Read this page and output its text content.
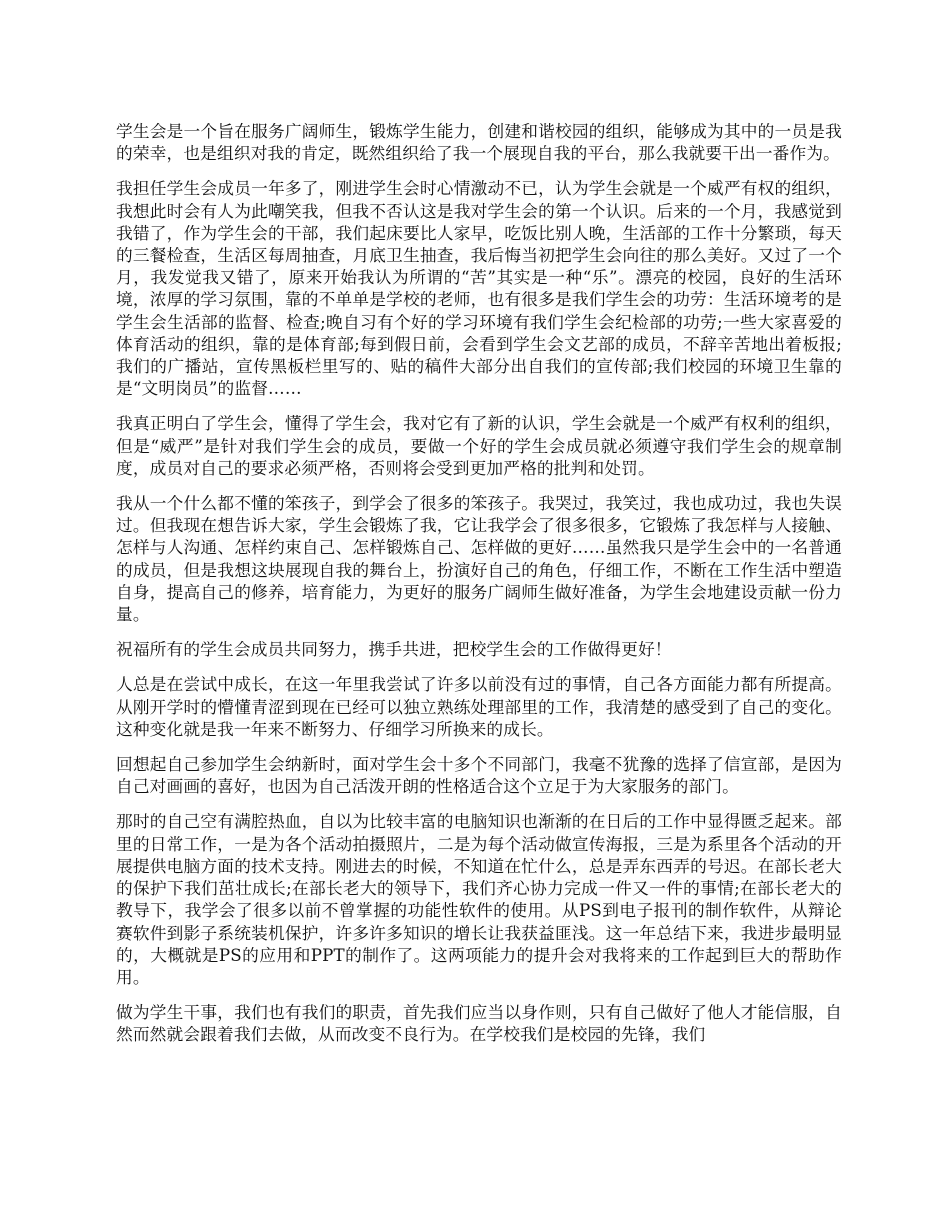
学生会是一个旨在服务广阔师生，锻炼学生能力，创建和谐校园的组织，能够成为其中的一员是我的荣幸，也是组织对我的肯定，既然组织给了我一个展现自我的平台，那么我就要干出一番作为。

我担任学生会成员一年多了，刚进学生会时心情激动不已，认为学生会就是一个威严有权的组织，我想此时会有人为此嘲笑我，但我不否认这是我对学生会的第一个认识。后来的一个月，我感觉到我错了，作为学生会的干部，我们起床要比人家早，吃饭比别人晚，生活部的工作十分繁琐，每天的三餐检查，生活区每周抽查，月底卫生抽查，我后悔当初把学生会向往的那么美好。又过了一个月，我发觉我又错了，原来开始我认为所谓的“苦”其实是一种“乐”。漂亮的校园，良好的生活环境，浓厚的学习氛围，靠的不单单是学校的老师，也有很多是我们学生会的功劳：生活环境考的是学生会生活部的监督、检查;晚自习有个好的学习环境有我们学生会纪检部的功劳;一些大家喜爱的体育活动的组织，靠的是体育部;每到假日前，会看到学生会文艺部的成员，不辞辛苦地出着板报;我们的广播站，宣传黑板栏里写的、贴的稿件大部分出自我们的宣传部;我们校园的环境卫生靠的是“文明岗员”的监督……

我真正明白了学生会，懂得了学生会，我对它有了新的认识，学生会就是一个威严有权利的组织，但是“威严”是针对我们学生会的成员，要做一个好的学生会成员就必须遵守我们学生会的规章制度，成员对自己的要求必须严格，否则将会受到更加严格的批判和处罚。

我从一个什么都不懂的笨孩子，到学会了很多的笨孩子。我哭过，我笑过，我也成功过，我也失误过。但我现在想告诉大家，学生会锻炼了我，它让我学会了很多很多，它锻炼了我怎样与人接触、怎样与人沟通、怎样约束自己、怎样锻炼自己、怎样做的更好……虽然我只是学生会中的一名普通的成员，但是我想这块展现自我的舞台上，扮演好自己的角色，仔细工作，不断在工作生活中塑造自身，提高自己的修养，培育能力，为更好的服务广阔师生做好准备，为学生会地建设贡献一份力量。

祝福所有的学生会成员共同努力，携手共进，把校学生会的工作做得更好！

人总是在尝试中成长，在这一年里我尝试了许多以前没有过的事情，自己各方面能力都有所提高。从刚开学时的懵懂青涩到现在已经可以独立熟练处理部里的工作，我清楚的感受到了自己的变化。这种变化就是我一年来不断努力、仔细学习所换来的成长。

回想起自己参加学生会纳新时，面对学生会十多个不同部门，我毫不犹豫的选择了信宣部，是因为自己对画画的喜好，也因为自己活泼开朗的性格适合这个立足于为大家服务的部门。

那时的自己空有满腔热血，自以为比较丰富的电脑知识也渐渐的在日后的工作中显得匮乏起来。部里的日常工作，一是为各个活动拍摄照片，二是为每个活动做宣传海报，三是为系里各个活动的开展提供电脑方面的技术支持。刚进去的时候，不知道在忙什么，总是弄东西弄的号迟。在部长老大的保护下我们茁壮成长;在部长老大的领导下，我们齐心协力完成一件又一件的事情;在部长老大的教导下，我学会了很多以前不曾掌握的功能性软件的使用。从PS到电子报刊的制作软件，从辩论赛软件到影子系统装机保护，许多许多知识的增长让我获益匪浅。这一年总结下来，我进步最明显的，大概就是PS的应用和PPT的制作了。这两项能力的提升会对我将来的工作起到巨大的帮助作用。

做为学生干事，我们也有我们的职责，首先我们应当以身作则，只有自己做好了他人才能信服，自然而然就会跟着我们去做，从而改变不良行为。在学校我们是校园的先锋，我们
